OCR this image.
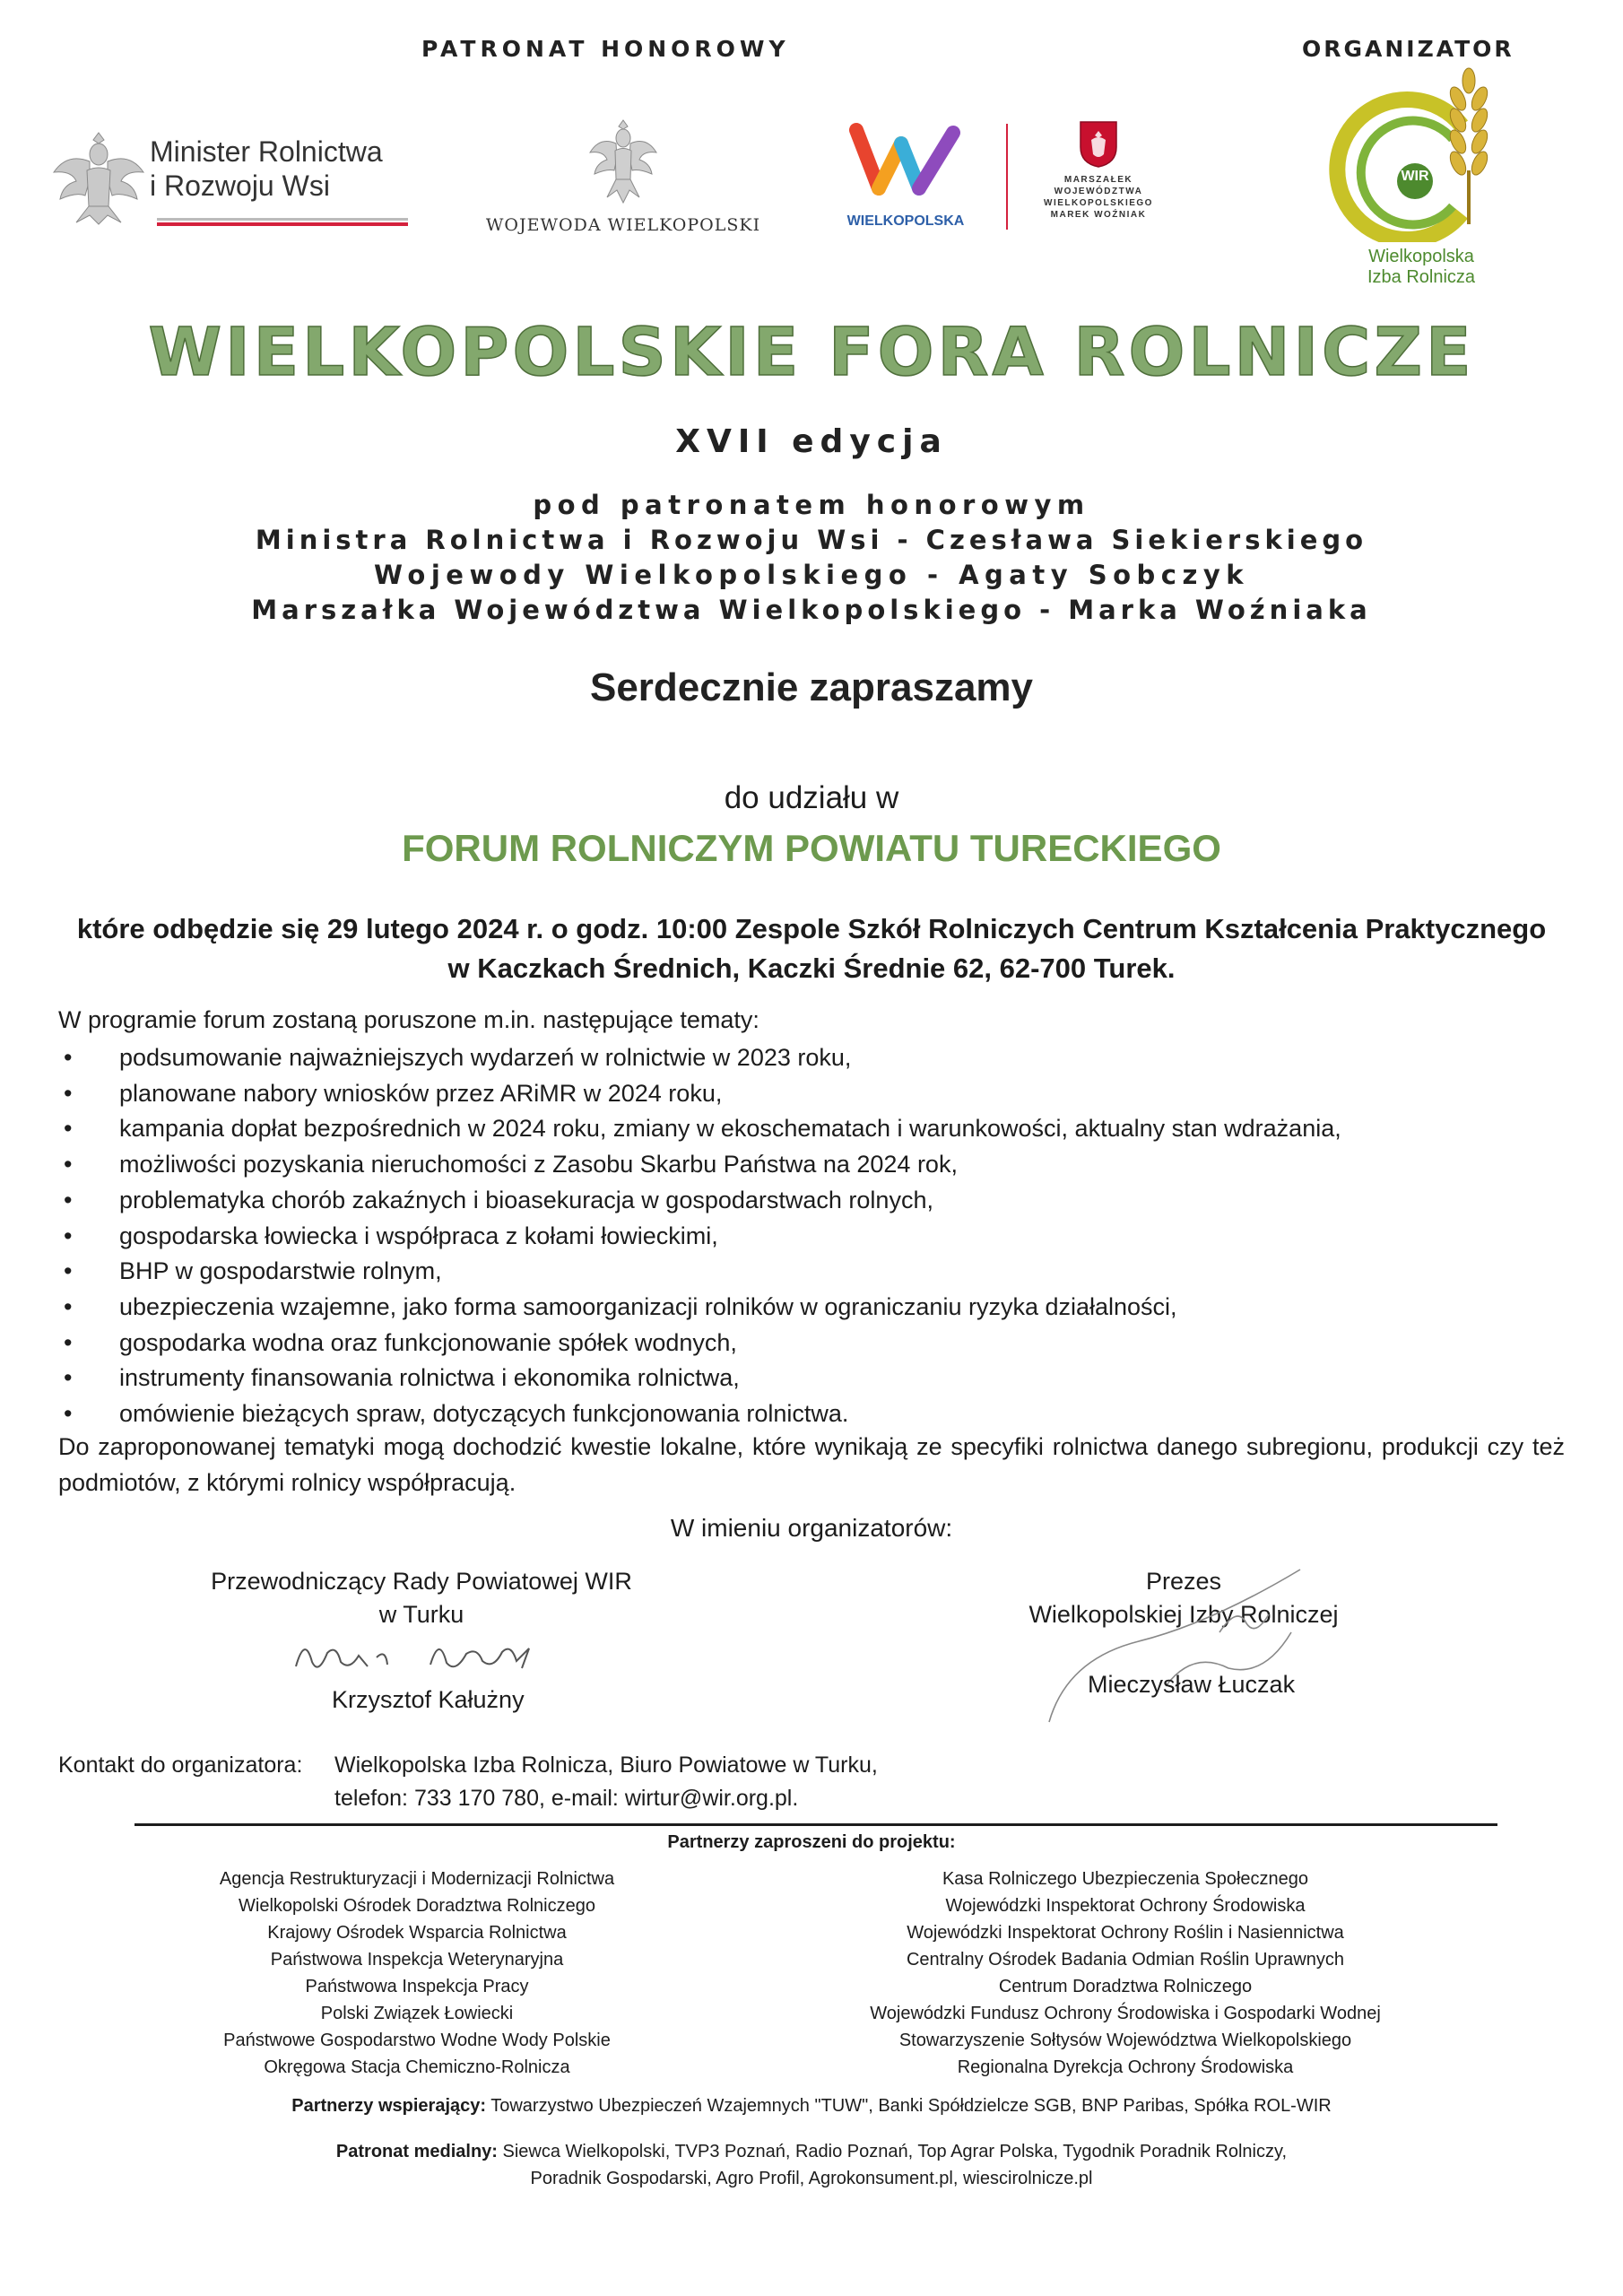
PATRONAT HONOROWY	ORGANIZATOR
Minister Rolnictwa
i Rozwoju Wsi
WOJEWODA WIELKOPOLSKI	WIELKOPOLSKA
MARSZAŁEK
WOJEWÓDZTWA
WIELKOPOLSKIEGO
MAREK WOŹNIAK
WIR
Wielkopolska
Izba Rolnicza
WIELKOPOLSKIE FORA ROLNICZE
XVII edycja
pod patronatem honorowym
Ministra Rolnictwa i Rozwoju Wsi - Czesława Siekierskiego
Wojewody Wielkopolskiego - Agaty Sobczyk
Marszałka Województwa Wielkopolskiego - Marka Woźniaka
Serdecznie zapraszamy
do udziału w
FORUM ROLNICZYM POWIATU TURECKIEGO
które odbędzie się 29 lutego 2024 r. o godz. 10:00 Zespole Szkół Rolniczych Centrum Kształcenia Praktycznego
w Kaczkach Średnich, Kaczki Średnie 62, 62-700 Turek.
W programie forum zostaną poruszone m.in. następujące tematy:
• podsumowanie najważniejszych wydarzeń w rolnictwie w 2023 roku,
• planowane nabory wniosków przez ARiMR w 2024 roku,
• kampania dopłat bezpośrednich w 2024 roku, zmiany w ekoschematach i warunkowości, aktualny stan wdrażania,
• możliwości pozyskania nieruchomości z Zasobu Skarbu Państwa na 2024 rok,
• problematyka chorób zakaźnych i bioasekuracja w gospodarstwach rolnych,
• gospodarska łowiecka i współpraca z kołami łowieckimi,
• BHP w gospodarstwie rolnym,
• ubezpieczenia wzajemne, jako forma samoorganizacji rolników w ograniczaniu ryzyka działalności,
• gospodarka wodna oraz funkcjonowanie spółek wodnych,
• instrumenty finansowania rolnictwa i ekonomika rolnictwa,
• omówienie bieżących spraw, dotyczących funkcjonowania rolnictwa.
Do zaproponowanej tematyki mogą dochodzić kwestie lokalne, które wynikają ze specyfiki rolnictwa danego subregionu, produkcji czy też podmiotów, z którymi rolnicy współpracują.
W imieniu organizatorów:
Przewodniczący Rady Powiatowej WIR
w Turku
Krzysztof Kałużny
Prezes
Wielkopolskiej Izby Rolniczej
Mieczysław Łuczak
Kontakt do organizatora: Wielkopolska Izba Rolnicza, Biuro Powiatowe w Turku,
telefon: 733 170 780, e-mail: wirtur@wir.org.pl.
Partnerzy zaproszeni do projektu:
Agencja Restrukturyzacji i Modernizacji Rolnictwa
Wielkopolski Ośrodek Doradztwa Rolniczego
Krajowy Ośrodek Wsparcia Rolnictwa
Państwowa Inspekcja Weterynaryjna
Państwowa Inspekcja Pracy
Polski Związek Łowiecki
Państwowe Gospodarstwo Wodne Wody Polskie
Okręgowa Stacja Chemiczno-Rolnicza
Kasa Rolniczego Ubezpieczenia Społecznego
Wojewódzki Inspektorat Ochrony Środowiska
Wojewódzki Inspektorat Ochrony Roślin i Nasiennictwa
Centralny Ośrodek Badania Odmian Roślin Uprawnych
Centrum Doradztwa Rolniczego
Wojewódzki Fundusz Ochrony Środowiska i Gospodarki Wodnej
Stowarzyszenie Sołtysów Województwa Wielkopolskiego
Regionalna Dyrekcja Ochrony Środowiska
Partnerzy wspierający: Towarzystwo Ubezpieczeń Wzajemnych "TUW", Banki Spółdzielcze SGB, BNP Paribas, Spółka ROL-WIR
Patronat medialny: Siewca Wielkopolski, TVP3 Poznań, Radio Poznań, Top Agrar Polska, Tygodnik Poradnik Rolniczy,
Poradnik Gospodarski, Agro Profil, Agrokonsument.pl, wiescirolnicze.pl
